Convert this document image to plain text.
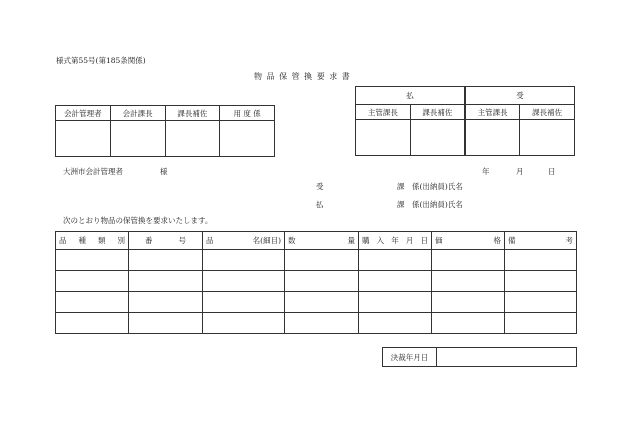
様式第55号(第185条関係)
物 品 保 管 換 要 求 書
会計管理者	会計課長	課長補佐	用 度 係

払		受	
主管課長	課長補佐	主管課長	課長補佐

大洲市会計管理者	様	年	月	日
受	課　係(出納員)氏名
払	課　係(出納員)氏名
次のとおり物品の保管換を要求いたします。
品 種 類 別	番 号	品 名(細目)	数 量	購 入 年 月 日	価 格	備 考

決裁年月日	
